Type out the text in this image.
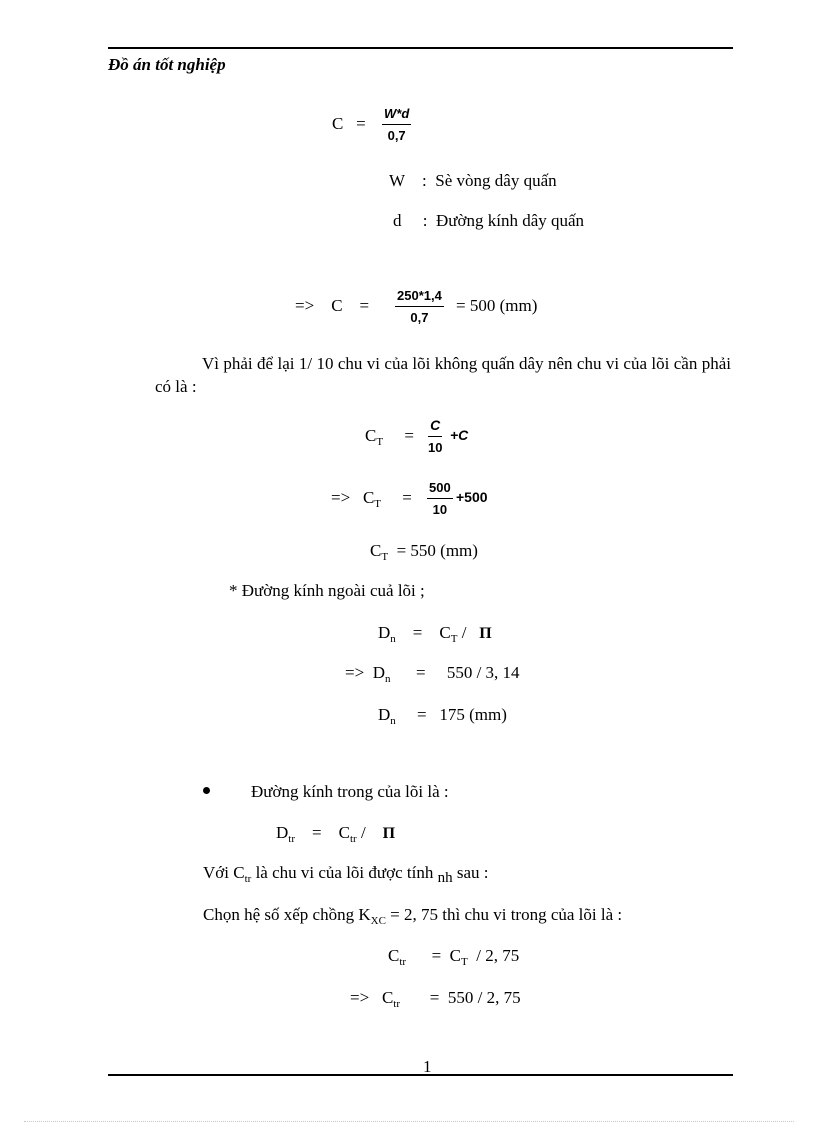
Đồ án tốt nghiệp
$C = \frac{W*d}{0,7}$
W : Sè vòng dây quấn
d : Đường kính dây quấn
=> $C = \frac{250*1,4}{0,7} = 500$ (mm)
Vì phải để lại 1/ 10 chu vi của lõi không quấn dây nên chu vi của lõi cần phải có là :
$C_T = \frac{C}{10} +C$
=> $C_T = \frac{500}{10} +500$
$C_T = 550$ (mm)
* Đường kính ngoài cuả lõi ;
$D_n = C_T / \Pi$
=> $D_n = 550 / 3$, 14
$D_n = 175$ (mm)
Đường kính trong của lõi là :
$D_{tr} = C_{tr} / \Pi$
Với $C_{tr}$ là chu vi của lõi được tính nh sau :
Chọn hệ số xếp chồng $K_{XC} = 2$, 75 thì chu vi trong của lõi là :
$C_{tr} = C_T / 2$, 75
=> $C_{tr} = 550 / 2$, 75
1
